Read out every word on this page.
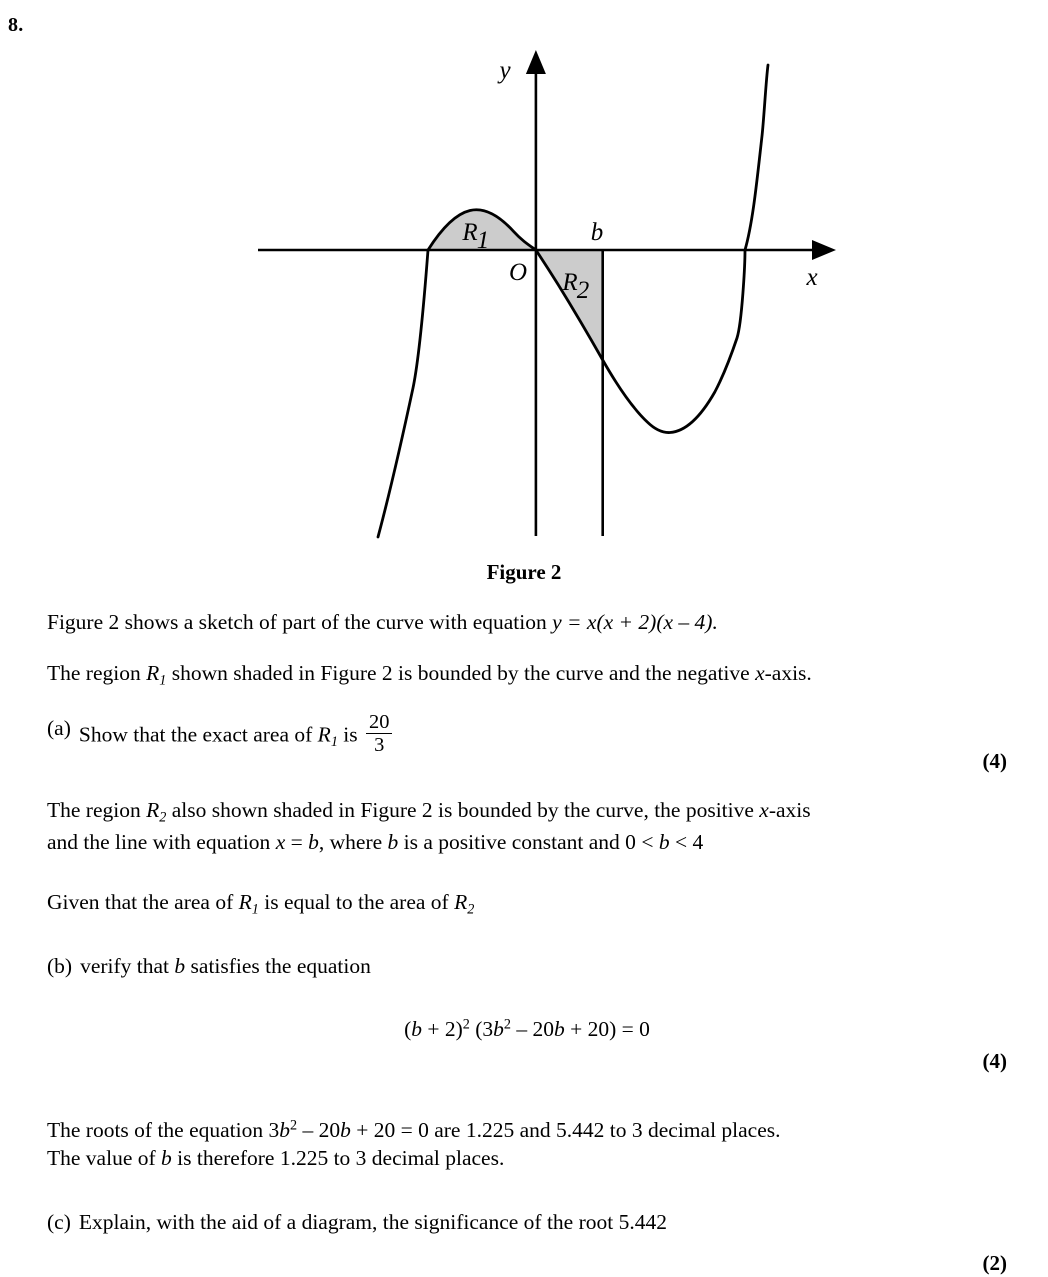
8.
y
x
O
b
R 1
R 2
Figure 2

Figure 2 shows a sketch of part of the curve with equation y = x(x + 2)(x – 4).

The region $R_1$ shown shaded in Figure 2 is bounded by the curve and the negative x-axis.

(a) Show that the exact area of $R_1$ is $\frac{20}{3}$
(4)

The region $R_2$ also shown shaded in Figure 2 is bounded by the curve, the positive x-axis
and the line with equation x = b, where b is a positive constant and 0 < b < 4

Given that the area of $R_1$ is equal to the area of $R_2$

(b) verify that b satisfies the equation
$(b + 2)^2$ $(3b^2 - 20b + 20) = 0$
(4)

The roots of the equation $3b^2 - 20b + 20 = 0$ are 1.225 and 5.442 to 3 decimal places.
The value of b is therefore 1.225 to 3 decimal places.

(c) Explain, with the aid of a diagram, the significance of the root 5.442
(2)
